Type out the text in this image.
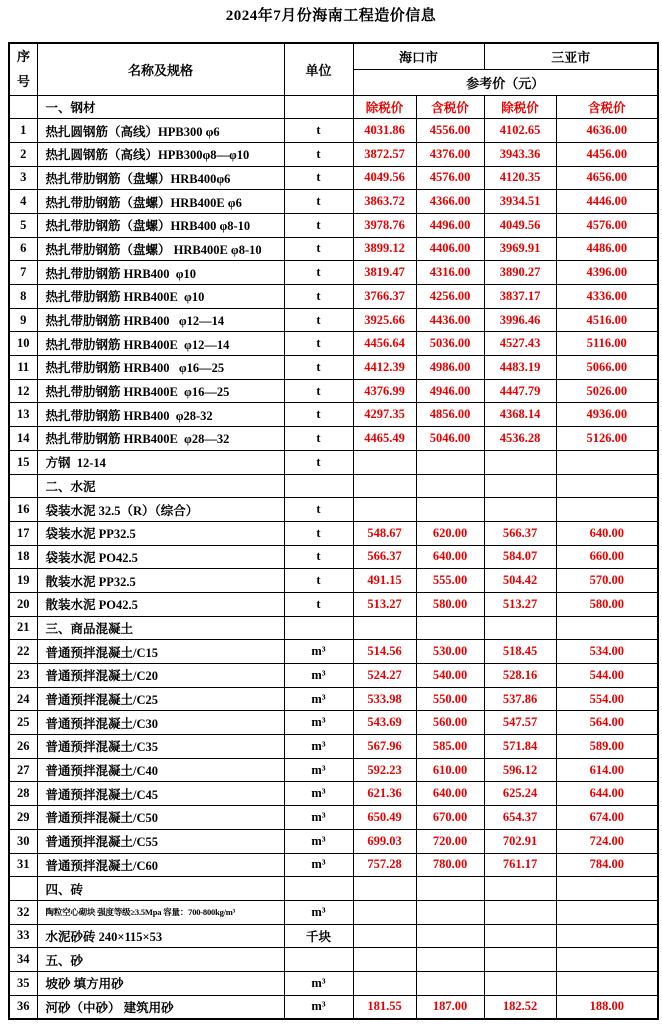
2024年7月份海南工程造价信息
序号	名称及规格	单位	海口市		三亚市	
			参考价（元）			
	一、钢材		除税价	含税价	除税价	含税价
1	热扎圆钢筋（高线）HPB300 φ6	t	4031.86	4556.00	4102.65	4636.00
2	热扎圆钢筋（高线）HPB300φ8—φ10	t	3872.57	4376.00	3943.36	4456.00
3	热扎带肋钢筋（盘螺）HRB400φ6	t	4049.56	4576.00	4120.35	4656.00
4	热扎带肋钢筋（盘螺）HRB400E φ6	t	3863.72	4366.00	3934.51	4446.00
5	热扎带肋钢筋（盘螺）HRB400 φ8-10	t	3978.76	4496.00	4049.56	4576.00
6	热扎带肋钢筋（盘螺） HRB400E φ8-10	t	3899.12	4406.00	3969.91	4486.00
7	热扎带肋钢筋 HRB400  φ10	t	3819.47	4316.00	3890.27	4396.00
8	热扎带肋钢筋 HRB400E  φ10	t	3766.37	4256.00	3837.17	4336.00
9	热扎带肋钢筋 HRB400   φ12—14	t	3925.66	4436.00	3996.46	4516.00
10	热扎带肋钢筋 HRB400E  φ12—14	t	4456.64	5036.00	4527.43	5116.00
11	热扎带肋钢筋 HRB400   φ16—25	t	4412.39	4986.00	4483.19	5066.00
12	热扎带肋钢筋 HRB400E  φ16—25	t	4376.99	4946.00	4447.79	5026.00
13	热扎带肋钢筋 HRB400  φ28-32	t	4297.35	4856.00	4368.14	4936.00
14	热扎带肋钢筋 HRB400E  φ28—32	t	4465.49	5046.00	4536.28	5126.00
15	方钢  12-14	t				
	二、水泥					
16	袋装水泥 32.5（R）（综合）	t				
17	袋装水泥 PP32.5	t	548.67	620.00	566.37	640.00
18	袋装水泥 PO42.5	t	566.37	640.00	584.07	660.00
19	散装水泥 PP32.5	t	491.15	555.00	504.42	570.00
20	散装水泥 PO42.5	t	513.27	580.00	513.27	580.00
21	三、商品混凝土					
22	普通预拌混凝土/C15	m³	514.56	530.00	518.45	534.00
23	普通预拌混凝土/C20	m³	524.27	540.00	528.16	544.00
24	普通预拌混凝土/C25	m³	533.98	550.00	537.86	554.00
25	普通预拌混凝土/C30	m³	543.69	560.00	547.57	564.00
26	普通预拌混凝土/C35	m³	567.96	585.00	571.84	589.00
27	普通预拌混凝土/C40	m³	592.23	610.00	596.12	614.00
28	普通预拌混凝土/C45	m³	621.36	640.00	625.24	644.00
29	普通预拌混凝土/C50	m³	650.49	670.00	654.37	674.00
30	普通预拌混凝土/C55	m³	699.03	720.00	702.91	724.00
31	普通预拌混凝土/C60	m³	757.28	780.00	761.17	784.00
	四、砖					
32	陶粒空心砌块 强度等级≥3.5Mpa 容量：700-800kg/m³	m³				
33	水泥砂砖 240×115×53	千块				
34	五、砂					
35	坡砂 填方用砂	m³				
36	河砂（中砂） 建筑用砂	m³	181.55	187.00	182.52	188.00
